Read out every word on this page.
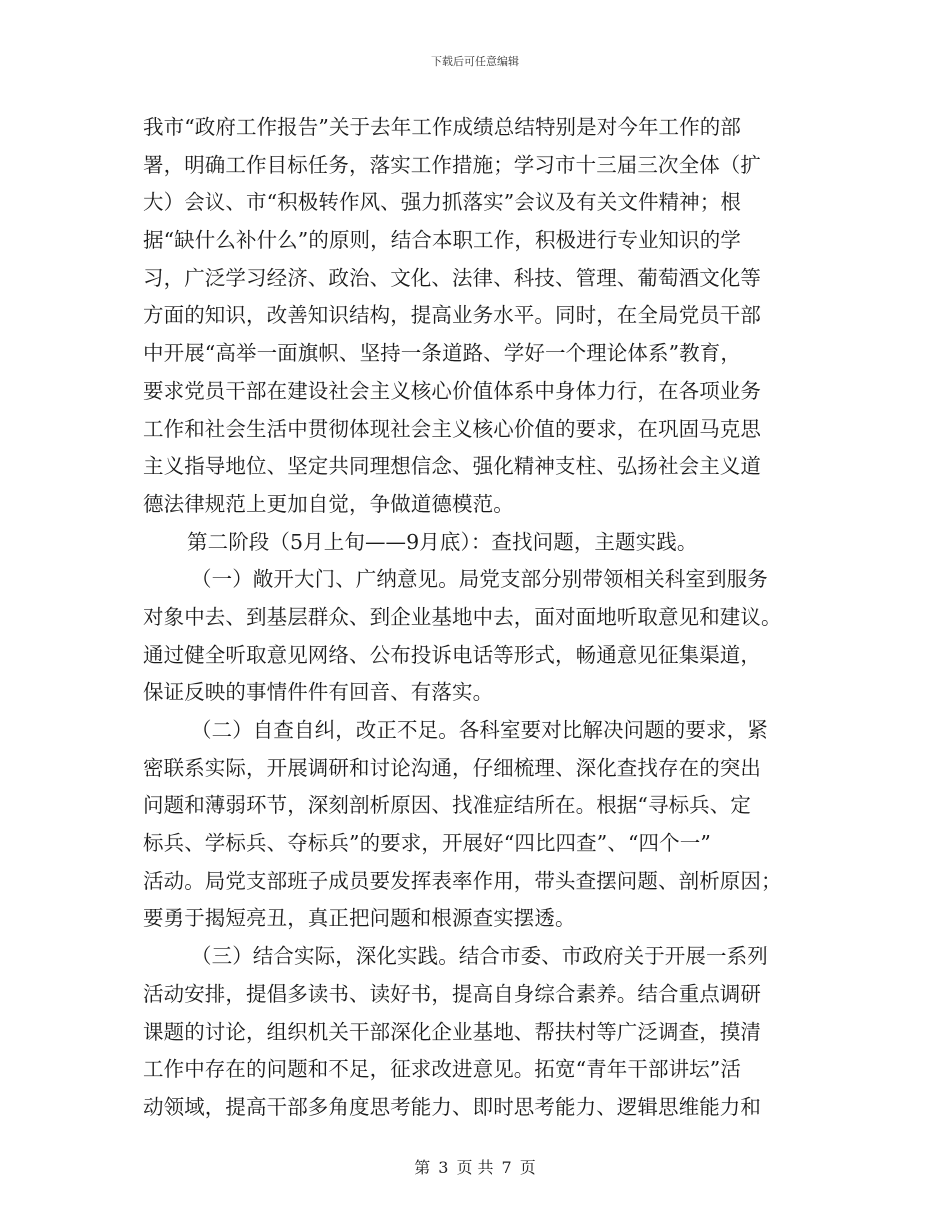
下载后可任意编辑
我市“政府工作报告”关于去年工作成绩总结特别是对今年工作的部
署，明确工作目标任务，落实工作措施；学习市十三届三次全体（扩
大）会议、市“积极转作风、强力抓落实”会议及有关文件精神；根
据“缺什么补什么”的原则，结合本职工作，积极进行专业知识的学
习，广泛学习经济、政治、文化、法律、科技、管理、葡萄酒文化等
方面的知识，改善知识结构，提高业务水平。同时，在全局党员干部
中开展“高举一面旗帜、坚持一条道路、学好一个理论体系”教育，
要求党员干部在建设社会主义核心价值体系中身体力行，在各项业务
工作和社会生活中贯彻体现社会主义核心价值的要求，在巩固马克思
主义指导地位、坚定共同理想信念、强化精神支柱、弘扬社会主义道
德法律规范上更加自觉，争做道德模范。
第二阶段（5月上旬——9月底）：查找问题，主题实践。
（一）敞开大门、广纳意见。局党支部分别带领相关科室到服务
对象中去、到基层群众、到企业基地中去，面对面地听取意见和建议。
通过健全听取意见网络、公布投诉电话等形式，畅通意见征集渠道，
保证反映的事情件件有回音、有落实。
（二）自查自纠，改正不足。各科室要对比解决问题的要求，紧
密联系实际，开展调研和讨论沟通，仔细梳理、深化查找存在的突出
问题和薄弱环节，深刻剖析原因、找准症结所在。根据“寻标兵、定
标兵、学标兵、夺标兵”的要求，开展好“四比四查”、“四个一”
活动。局党支部班子成员要发挥表率作用，带头查摆问题、剖析原因；
要勇于揭短亮丑，真正把问题和根源查实摆透。
（三）结合实际，深化实践。结合市委、市政府关于开展一系列
活动安排，提倡多读书、读好书，提高自身综合素养。结合重点调研
课题的讨论，组织机关干部深化企业基地、帮扶村等广泛调查，摸清
工作中存在的问题和不足，征求改进意见。拓宽“青年干部讲坛”活
动领域，提高干部多角度思考能力、即时思考能力、逻辑思维能力和
第 3 页 共 7 页
